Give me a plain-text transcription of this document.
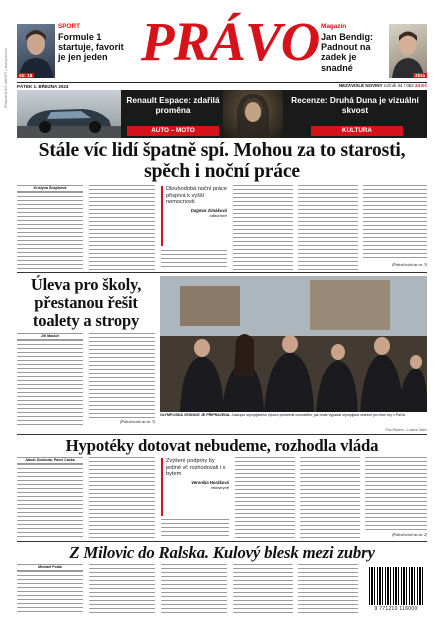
Předplatné 800 444 877 | www.pravo.cz	str. 18
SPORT
Formule 1 startuje, favorit je jen jeden PRÁVO Magazín
Jan Bendig: Padnout na zadek je snadné
Zítra
PÁTEK 1. BŘEZNA 2024	NEZÁVISLÉ NOVINY ročník 34 / 052 24 Kč
Renault Espace: zdařilá proměna
AUTO – MOTO
Recenze: Druhá Duna je vizuální skvost
KULTURA
Stále víc lidí špatně spí. Mohou za to starosti, spěch i noční práce
Kristýna Šnajdrová	Dlouhodobá noční práce přispívá k vyšší nemocnosti
Dagmar Zimáková
odbornice
(Pokračování na str. 3)
Úleva pro školy, přestanou řešit toalety a stropy
Jiří Macich
(Pokračování na str. 3)
OLYMPIJSKÁ VESNICE JE PŘIPRAVENA. Zástupci olympijského výboru předvedli novinářům, jak bude vypadat olympijská vesnice pro letní hry v Paříži.
Foto Reuters – Ludovic Marin
Hypotéky dotovat nebudeme, rozhodla vláda
Jakub Svoboda, Pavel Cacka	Zvýšení podpory by jedině vč rozhodovali i s bytem
Veronika Horáková
ministryně
(Pokračování na str. 2)
Z Milovic do Ralska. Kulový blesk mezi zubry
Michael Polák
9 771210 116000
